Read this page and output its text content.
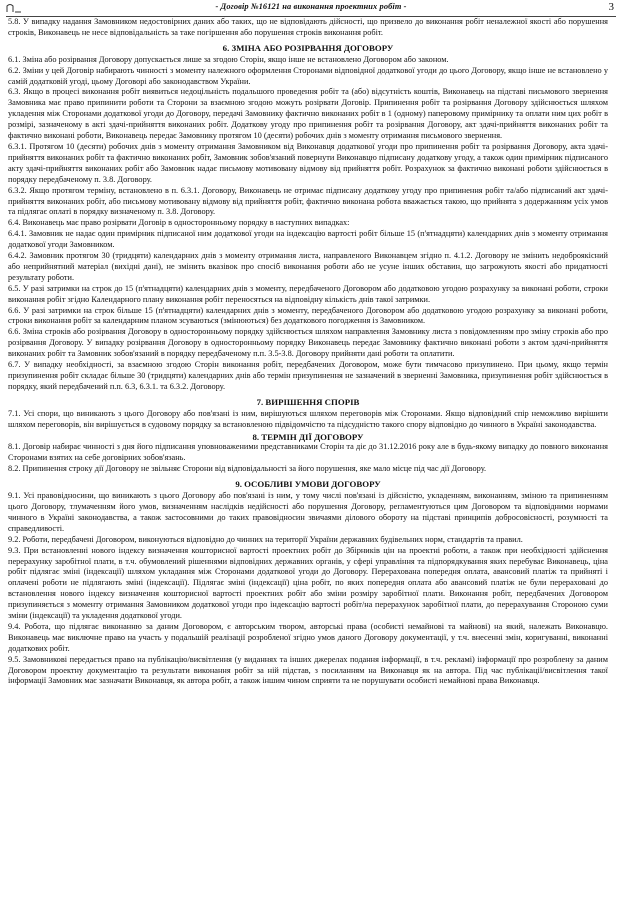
- Договір №16121 на виконання проектних робіт -	3

5.8. У випадку надання Замовником недостовірних даних або таких, що не відповідають дійсності, що призвело до виконання робіт неналежної якості або порушення строків, Виконавець не несе відповідальність за таке погіршення або порушення строків виконання робіт.

6. ЗМІНА АБО РОЗІРВАННЯ ДОГОВОРУ

6.1. Зміна або розірвання Договору допускається лише за згодою Сторін, якщо інше не встановлено Договором або законом.

6.2. Зміни у цей Договір набирають чинності з моменту належного оформлення Сторонами відповідної додаткової угоди до цього Договору, якщо інше не встановлено у самій додатковій угоді, цьому Договорі або законодавством України.

6.3. Якщо в процесі виконання робіт виявиться недоцільність подальшого проведення робіт та (або) відсутність коштів, Виконавець на підставі письмового звернення Замовника має право припинити роботи та Сторони за взаємною згодою можуть розірвати Договір. Припинення робіт та розірвання Договору здійснюється шляхом укладення між Сторонами додаткової угоди до Договору, передачі Замовнику фактично виконаних робіт в 1 (одному) паперовому примірнику та оплати ним цих робіт в розмірі, зазначеному в акті здачі-прийняття виконаних робіт. Додаткову угоду про припинення робіт та розірвання Договору, акт здачі-прийняття виконаних робіт та фактично виконані роботи, Виконавець передає Замовнику протягом 10 (десяти) робочих днів з моменту отримання письмового звернення.

6.3.1. Протягом 10 (десяти) робочих днів з моменту отримання Замовником від Виконавця додаткової угоди про припинення робіт та розірвання Договору, акта здачі-прийняття виконаних робіт та фактично виконаних робіт, Замовник зобов'язаний повернути Виконавцю підписану додаткову угоду, а також один примірник підписаного акту здачі-прийняття виконаних робіт або Замовник надає письмову мотивовану відмову від прийняття робіт. Розрахунок за фактично виконані роботи здійснюється в порядку передбаченому п. 3.8. Договору.

6.3.2. Якщо протягом терміну, встановлено в п. 6.3.1. Договору, Виконавець не отримає підписану додаткову угоду про припинення робіт та/або підписаний акт здачі-прийняття виконаних робіт, або письмову мотивовану відмову від прийняття робіт, фактично виконана робота вважається такою, що прийнята з додержанням усіх умов та підлягає оплаті в порядку визначеному п. 3.8. Договору.

6.4. Виконавець має право розірвати Договір в односторонньому порядку в наступних випадках:

6.4.1. Замовник не надає один примірник підписаної ним додаткової угоди на індексацію вартості робіт більше 15 (п'ятнадцяти) календарних днів з моменту отримання додаткової угоди Замовником.

6.4.2. Замовник протягом 30 (тридцяти) календарних днів з моменту отримання листа, направленого Виконавцем згідно п. 4.1.2. Договору не змінить недоброякісний або неприйнятний матеріал (вихідні дані), не змінить вказівок про спосіб виконання роботи або не усуне інших обставин, що загрожують якості або придатності результату роботи.

6.5. У разі затримки на строк до 15 (п'ятнадцяти) календарних днів з моменту, передбаченого Договором або додатковою угодою розрахунку за виконані роботи, строки виконання робіт згідно Календарного плану виконання робіт переносяться на відповідну кількість днів такої затримки.

6.6. У разі затримки на строк більше 15 (п'ятнадцяти) календарних днів з моменту, передбаченого Договором або додатковою угодою розрахунку за виконані роботи, строки виконання робіт за календарним планом зсуваються (змінюються) без додаткового погодження із Замовником.

6.6. Зміна строків або розірвання Договору в односторонньому порядку здійснюється шляхом направлення Замовнику листа з повідомленням про зміну строків або про розірвання Договору. У випадку розірвання Договору в односторонньому порядку Виконавець передає Замовнику фактично виконані роботи з актом здачі-прийняття виконаних робіт та Замовник зобов'язаний в порядку передбаченому п.п. 3.5-3.8. Договору прийняти дані роботи та оплатити.

6.7. У випадку необхідності, за взаємною згодою Сторін виконання робіт, передбачених Договором, може бути тимчасово призупинено. При цьому, якщо термін призупинення робіт складає більше 30 (тридцяти) календарних днів або термін призупинення не зазначений в зверненні Замовника, призупинення робіт здійснюється в порядку, який передбачений п.п. 6.3, 6.3.1. та 6.3.2. Договору.

7. ВИРІШЕННЯ СПОРІВ

7.1. Усі спори, що виникають з цього Договору або пов'язані із ним, вирішуються шляхом переговорів між Сторонами. Якщо відповідний спір неможливо вирішити шляхом переговорів, він вирішується в судовому порядку за встановленою підвідомчістю та підсудністю такого спору відповідно до чинного в Україні законодавства.

8. ТЕРМІН ДІЇ ДОГОВОРУ

8.1. Договір набирає чинності з дня його підписання уповноваженими представниками Сторін та діє до 31.12.2016 року але в будь-якому випадку до повного виконання Сторонами взятих на себе договірних зобов'язань.

8.2. Припинення строку дії Договору не звільняє Сторони від відповідальності за його порушення, яке мало місце під час дії Договору.

9. ОСОБЛИВІ УМОВИ ДОГОВОРУ

9.1. Усі правовідносини, що виникають з цього Договору або пов'язані із ним, у тому числі пов'язані із дійсністю, укладенням, виконанням, зміною та припиненням цього Договору, тлумаченням його умов, визначенням наслідків недійсності або порушення Договору, регламентуються цим Договором та відповідними нормами чинного в Україні законодавства, а також застосовними до таких правовідносин звичаями ділового обороту на підставі принципів добросовісності, розумності та справедливості.

9.2. Роботи, передбачені Договором, виконуються відповідно до чинних на території України державних будівельних норм, стандартів та правил.

9.3. При встановленні нового індексу визначення кошторисної вартості проектних робіт до Збірників цін на проектні роботи, а також при необхідності здійснення перерахунку заробітної плати, в т.ч. обумовлений рішеннями відповідних державних органів, у сфері управління та підпорядкування яких перебуває Виконавець, ціна робіт підлягає зміні (індексації) шляхом укладання між Сторонами додаткової угоди до Договору. Перерахована попередня оплата, авансовий платіж та прийняті і оплачені роботи не підлягають зміні (індексації). Підлягає зміні (індексації) ціна робіт, по яких попередня оплата або авансовий платіж не були перераховані до встановлення нового індексу визначення кошторисної вартості проектних робіт або зміни розміру заробітної плати. Виконання робіт, передбачених Договором призупиняється з моменту отримання Замовником додаткової угоди про індексацію вартості робіт/на перерахунок заробітної плати, до перерахування Стороною суми зміни (індексації) та укладення додаткової угоди.

9.4. Робота, що підлягає виконанню за даним Договором, є авторським твором, авторські права (особисті немайнові та майнові) на який, належать Виконавцю. Виконавець має виключне право на участь у подальшій реалізації розробленої згідно умов даного Договору документації, у т.ч. внесенні змін, коригуванні, виконанні додаткових робіт.

9.5. Замовникові передається право на публікацію/висвітлення (у виданнях та інших джерелах подання інформації, в т.ч. рекламі) інформації про розроблену за даним Договором проектну документацію та результати виконання робіт за ній підстав, з посиланням на Виконавця як на автора. Під час публікації/висвітлення такої інформації Замовник має зазначати Виконавця, як автора робіт, а також іншим чином сприяти та не порушувати особисті немайнові права Виконавця.
